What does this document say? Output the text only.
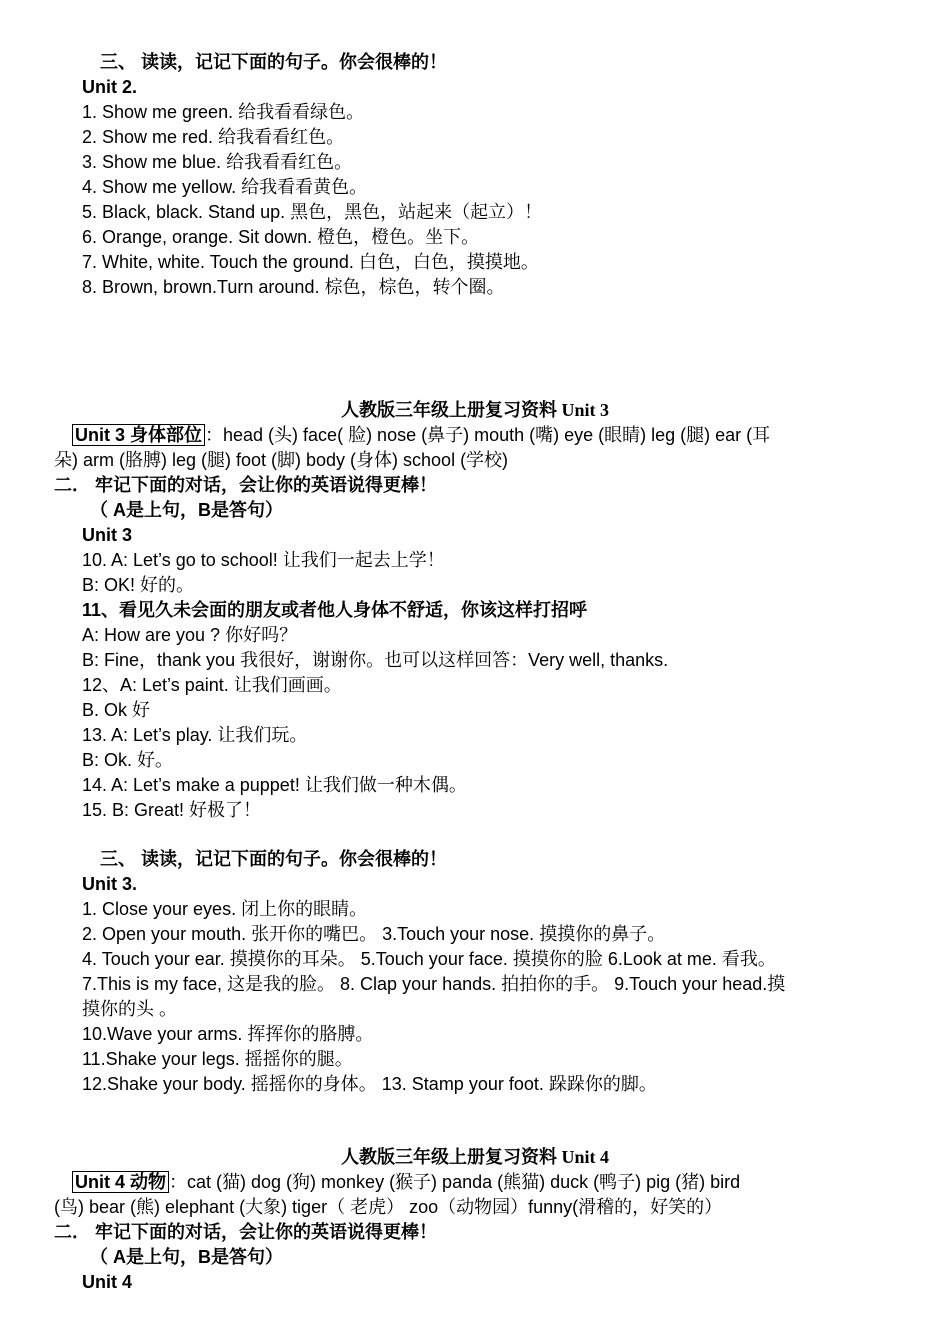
三、 读读，记记下面的句子。你会很棒的！
Unit 2.
1. Show me green. 给我看看绿色。
2. Show me red. 给我看看红色。
3. Show me blue. 给我看看红色。
4. Show me yellow. 给我看看黄色。
5. Black, black. Stand up. 黑色，黑色，站起来（起立）！
6. Orange, orange. Sit down. 橙色，橙色。坐下。
7. White, white. Touch the ground. 白色，白色，摸摸地。
8. Brown, brown.Turn around. 棕色，棕色，转个圈。
人教版三年级上册复习资料 Unit 3
Unit 3 身体部位 ：head (头) face( 脸) nose (鼻子) mouth (嘴) eye (眼睛) leg (腿) ear (耳
朵) arm (胳膊) leg (腿) foot (脚) body (身体) school (学校)
二． 牢记下面的对话，会让你的英语说得更棒！
（ A是上句，B是答句）
Unit 3
10. A: Let’s go to school! 让我们一起去上学！
B: OK! 好的。
11、看见久未会面的朋友或者他人身体不舒适，你该这样打招呼
A: How are you ? 你好吗？
B: Fine，thank you 我很好，谢谢你。也可以这样回答：Very well, thanks.
12、A: Let’s paint. 让我们画画。
B. Ok 好
13. A: Let’s play. 让我们玩。
B: Ok. 好。
14. A: Let’s make a puppet! 让我们做一种木偶。
15. B: Great! 好极了！
三、 读读，记记下面的句子。你会很棒的！
Unit 3.
1. Close your eyes. 闭上你的眼睛。
2. Open your mouth. 张开你的嘴巴。 3.Touch your nose. 摸摸你的鼻子。
4. Touch your ear. 摸摸你的耳朵。 5.Touch your face. 摸摸你的脸 6.Look at me. 看我。
7.This is my face, 这是我的脸。 8. Clap your hands. 拍拍你的手。 9.Touch your head.摸
摸你的头 。
10.Wave your arms. 挥挥你的胳膊。
11.Shake your legs. 摇摇你的腿。
12.Shake your body. 摇摇你的身体。 13. Stamp your foot. 跺跺你的脚。
人教版三年级上册复习资料 Unit 4
Unit 4 动物 ：cat (猫) dog (狗) monkey (猴子) panda (熊猫) duck (鸭子) pig (猪) bird
(鸟) bear (熊) elephant (大象) tiger（ 老虎） zoo（动物园）funny(滑稽的，好笑的）
二． 牢记下面的对话，会让你的英语说得更棒！
（ A是上句，B是答句）
Unit 4
